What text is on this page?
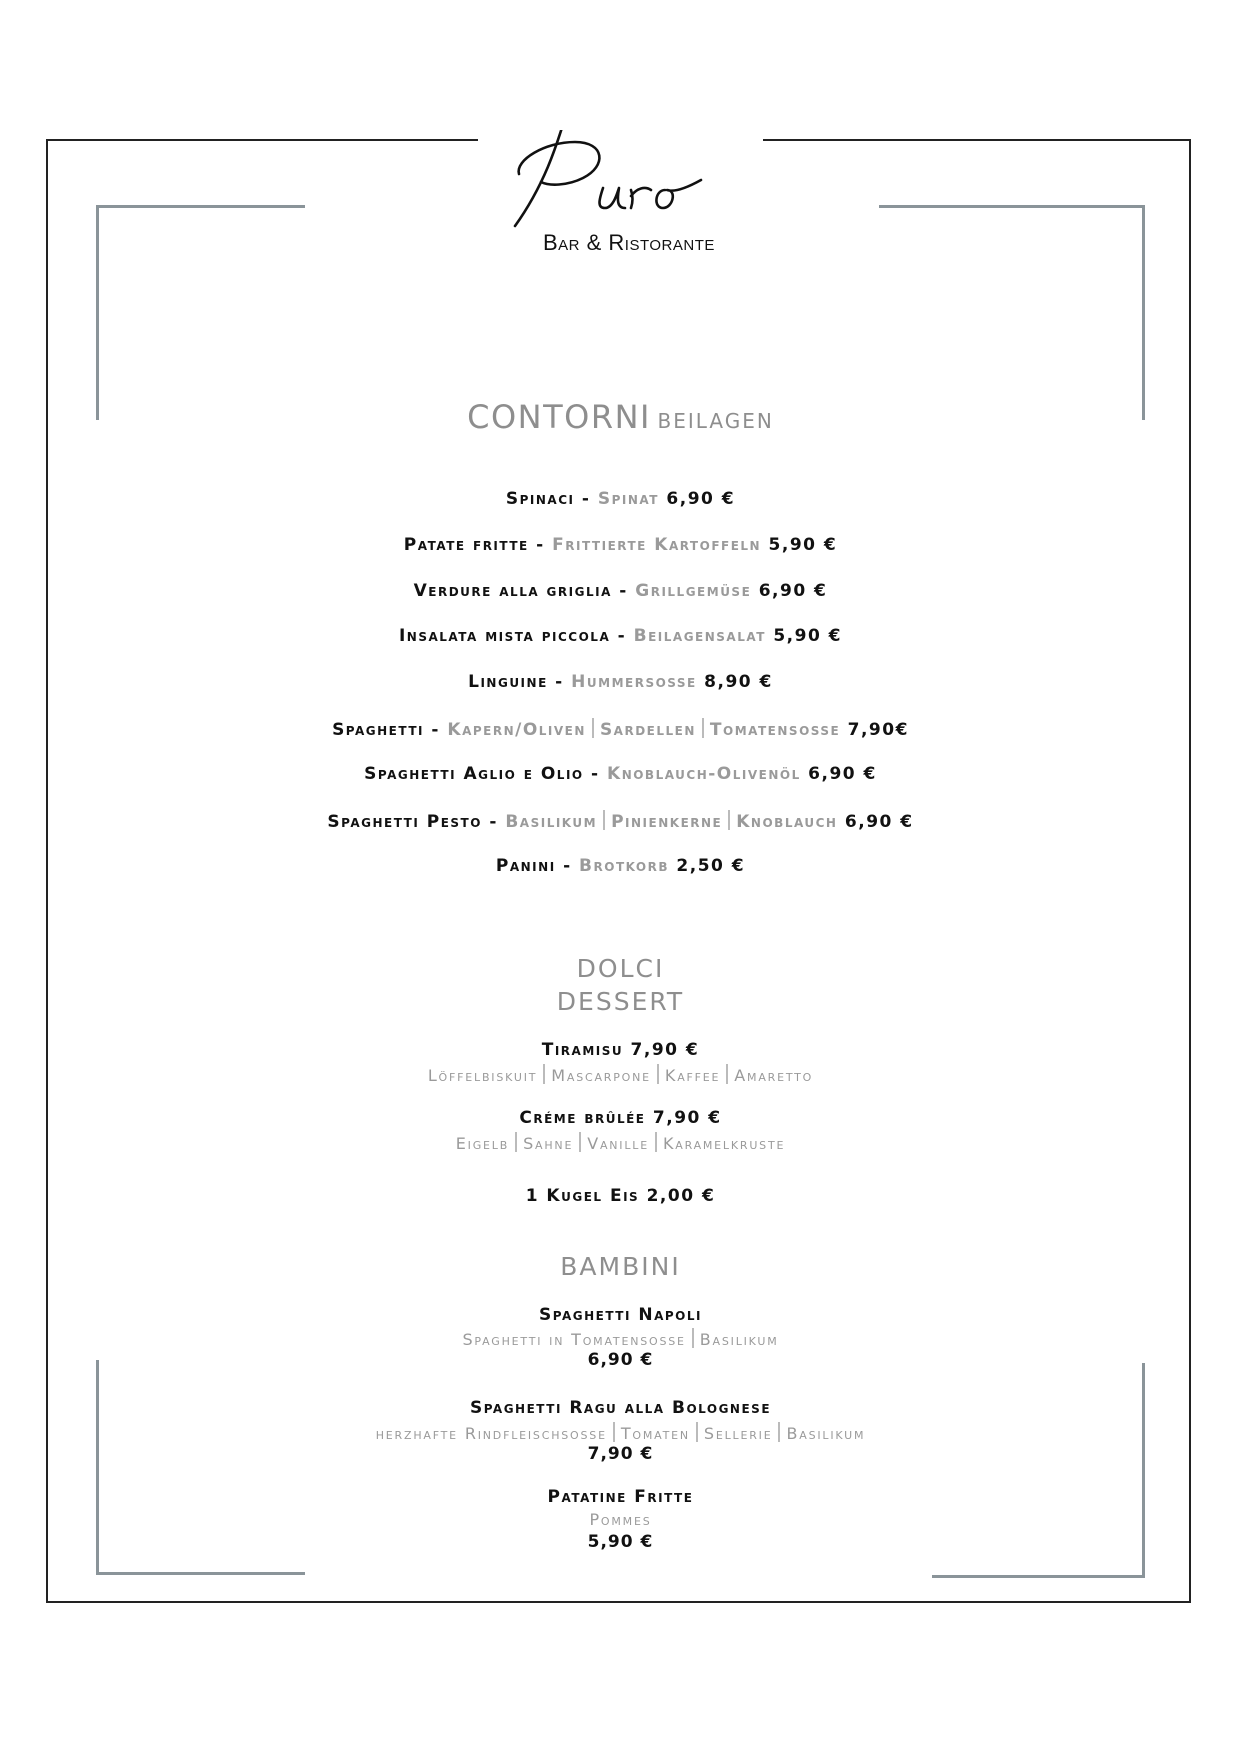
Bar & Ristorante
CONTORNI BEILAGEN
Spinaci - Spinat 6,90 €
Patate fritte - Frittierte Kartoffeln 5,90 €
Verdure alla griglia - Grillgemüse 6,90 €
Insalata mista piccola - Beilagensalat 5,90 €
Linguine - Hummersosse 8,90 €
Spaghetti - Kapern/Oliven Sardellen Tomatensosse 7,90€
Spaghetti Aglio e Olio - Knoblauch-Olivenöl 6,90 €
Spaghetti Pesto - Basilikum Pinienkerne Knoblauch 6,90 €
Panini - Brotkorb 2,50 €
DOLCI
DESSERT
Tiramisu 7,90 €
Löffelbiskuit Mascarpone Kaffee Amaretto
Créme brûlée 7,90 €
Eigelb Sahne Vanille Karamelkruste
1 Kugel Eis 2,00 €
BAMBINI
Spaghetti Napoli
Spaghetti in Tomatensosse Basilikum
6,90 €
Spaghetti Ragu alla Bolognese
herzhafte Rindfleischsosse Tomaten Sellerie Basilikum
7,90 €
Patatine Fritte
Pommes
5,90 €
